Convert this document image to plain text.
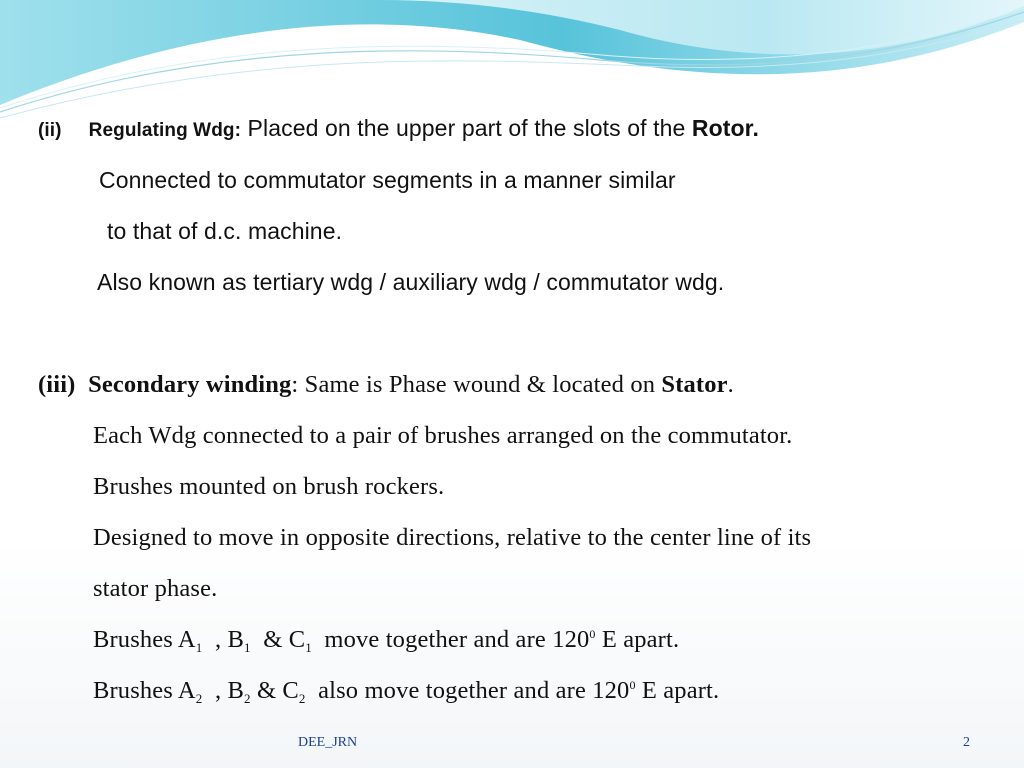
(ii) Regulating Wdg: Placed on the upper part of the slots of the Rotor.
Connected to commutator segments in a manner similar
to that of d.c. machine.
Also known as tertiary wdg / auxiliary wdg / commutator wdg.
(iii) Secondary winding: Same is Phase wound & located on Stator.
Each Wdg connected to a pair of brushes arranged on the commutator.
Brushes mounted on brush rockers.
Designed to move in opposite directions, relative to the center line of its
stator phase.
Brushes $A_1$  , $B_1$  & $C_1$  move together and are $120^0$ E apart.
Brushes $A_2$  , $B_2$ & $C_2$  also move together and are $120^0$ E apart.
DEE_JRN	2
